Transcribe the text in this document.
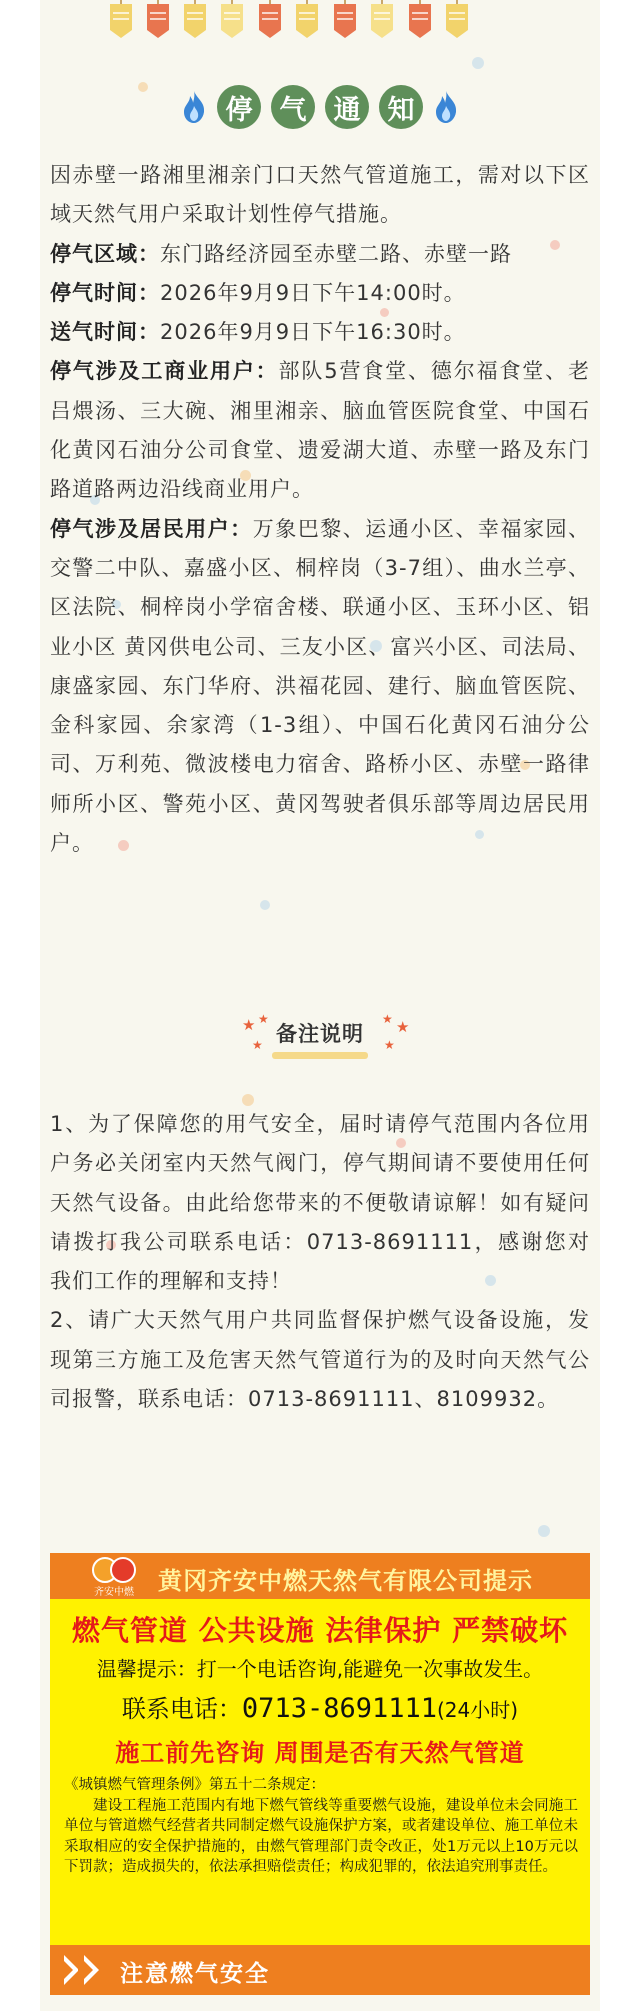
停	气	通	知

因赤壁一路湘里湘亲门口天然气管道施工，需对以下区域天然气用户采取计划性停气措施。

停气区域：东门路经济园至赤壁二路、赤壁一路

停气时间：2026年9月9日下午14:00时。

送气时间：2026年9月9日下午16:30时。

停气涉及工商业用户：部队5营食堂、德尔福食堂、老吕煨汤、三大碗、湘里湘亲、脑血管医院食堂、中国石化黄冈石油分公司食堂、遗爱湖大道、赤壁一路及东门路道路两边沿线商业用户。

停气涉及居民用户：万象巴黎、运通小区、幸福家园、交警二中队、嘉盛小区、桐梓岗（3-7组）、曲水兰亭、区法院、桐梓岗小学宿舍楼、联通小区、玉环小区、铝业小区 黄冈供电公司、三友小区、富兴小区、司法局、康盛家园、东门华府、洪福花园、建行、脑血管医院、金科家园、余家湾（1-3组）、中国石化黄冈石油分公司、万利苑、微波楼电力宿舍、路桥小区、赤壁一路律师所小区、警苑小区、黄冈驾驶者俱乐部等周边居民用户。

★ ★
★ 备注说明
★ ★
★

1、为了保障您的用气安全，届时请停气范围内各位用户务必关闭室内天然气阀门，停气期间请不要使用任何天然气设备。由此给您带来的不便敬请谅解！如有疑问请拨打我公司联系电话：0713-8691111，感谢您对我们工作的理解和支持！

2、请广大天然气用户共同监督保护燃气设备设施，发现第三方施工及危害天然气管道行为的及时向天然气公司报警，联系电话：0713-8691111、8109932。

齐安中燃	黄冈齐安中燃天然气有限公司提示
燃气管道 公共设施 法律保护 严禁破坏
温馨提示：打一个电话咨询,能避免一次事故发生。
联系电话：0713-8691111(24小时)
施工前先咨询 周围是否有天然气管道
《城镇燃气管理条例》第五十二条规定：
建设工程施工范围内有地下燃气管线等重要燃气设施，建设单位未会同施工单位与管道燃气经营者共同制定燃气设施保护方案，或者建设单位、施工单位未采取相应的安全保护措施的，由燃气管理部门责令改正，处1万元以上10万元以下罚款；造成损失的，依法承担赔偿责任；构成犯罪的，依法追究刑事责任。
注意燃气安全
